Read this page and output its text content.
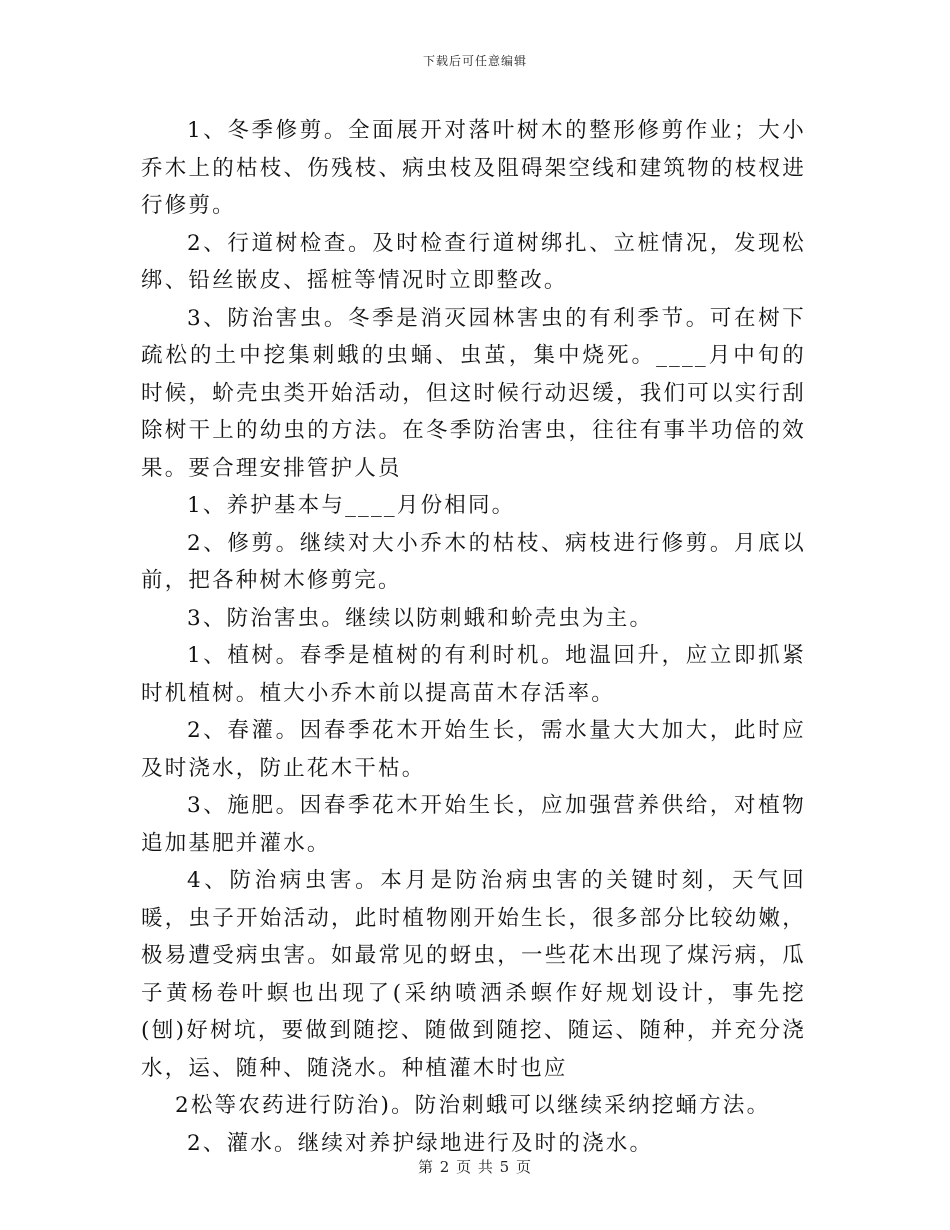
下载后可任意编辑

1、冬季修剪。全面展开对落叶树木的整形修剪作业；大小乔木上的枯枝、伤残枝、病虫枝及阻碍架空线和建筑物的枝杈进行修剪。

2、行道树检查。及时检查行道树绑扎、立桩情况，发现松绑、铅丝嵌皮、摇桩等情况时立即整改。

3、防治害虫。冬季是消灭园林害虫的有利季节。可在树下疏松的土中挖集刺蛾的虫蛹、虫茧，集中烧死。____月中旬的时候，蚧壳虫类开始活动，但这时候行动迟缓，我们可以实行刮除树干上的幼虫的方法。在冬季防治害虫，往往有事半功倍的效果。要合理安排管护人员

1、养护基本与____月份相同。

2、修剪。继续对大小乔木的枯枝、病枝进行修剪。月底以前，把各种树木修剪完。

3、防治害虫。继续以防刺蛾和蚧壳虫为主。

1、植树。春季是植树的有利时机。地温回升，应立即抓紧时机植树。植大小乔木前以提高苗木存活率。

2、春灌。因春季花木开始生长，需水量大大加大，此时应及时浇水，防止花木干枯。

3、施肥。因春季花木开始生长，应加强营养供给，对植物追加基肥并灌水。

4、防治病虫害。本月是防治病虫害的关键时刻，天气回暖，虫子开始活动，此时植物刚开始生长，很多部分比较幼嫩，极易遭受病虫害。如最常见的蚜虫，一些花木出现了煤污病，瓜子黄杨卷叶螟也出现了(采纳喷洒杀螟作好规划设计，事先挖(刨)好树坑，要做到随挖、随做到随挖、随运、随种，并充分浇水，运、随种、随浇水。种植灌木时也应

2松等农药进行防治)。防治刺蛾可以继续采纳挖蛹方法。

2、灌水。继续对养护绿地进行及时的浇水。

第 2 页 共 5 页
